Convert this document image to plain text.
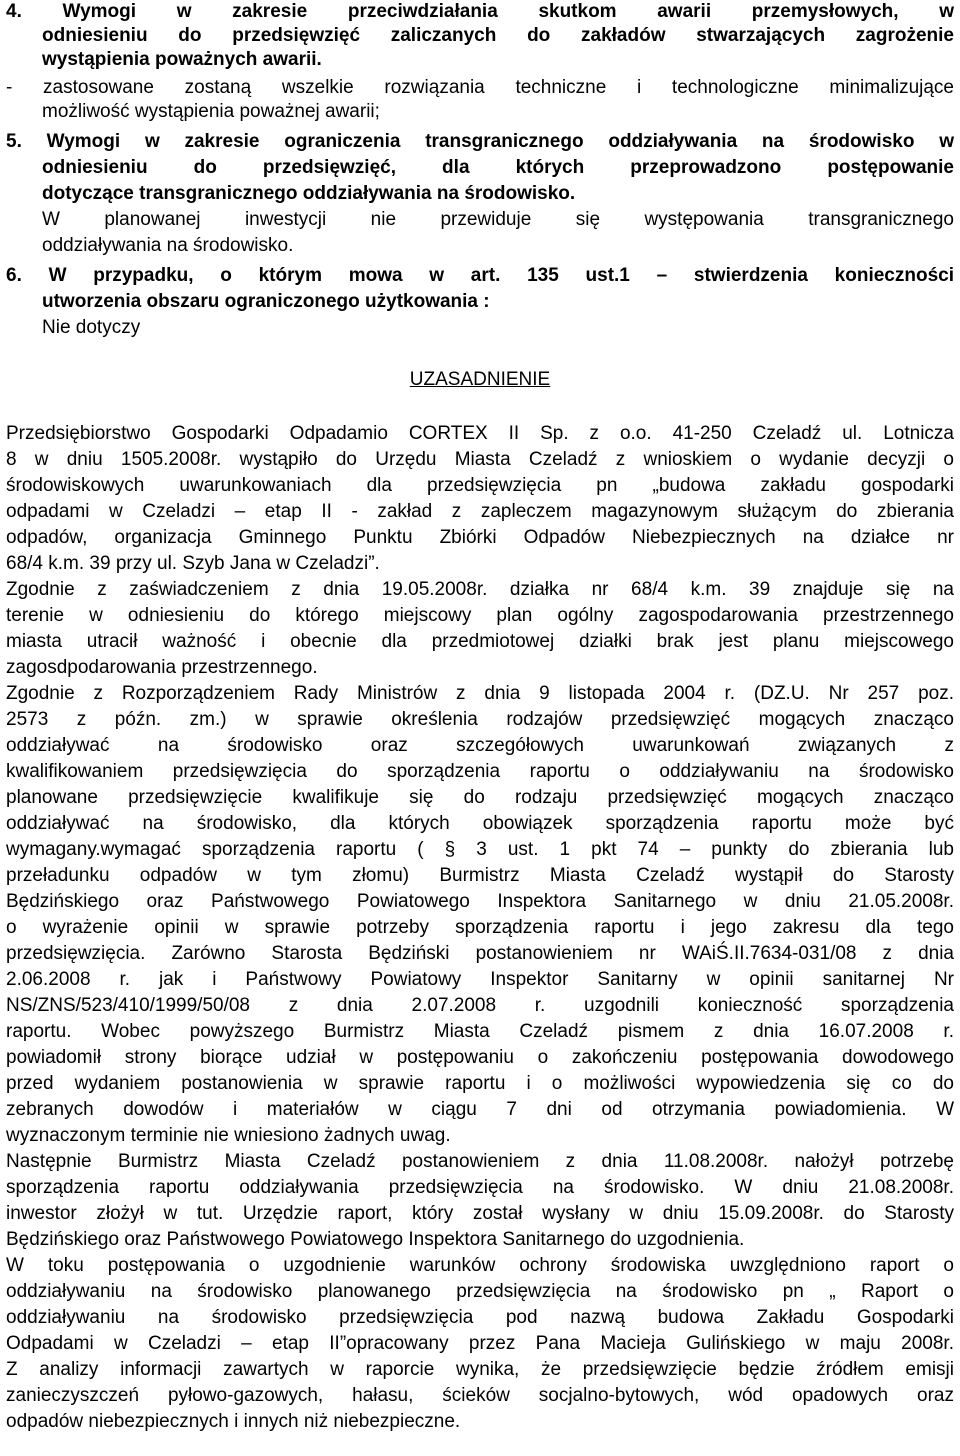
4. Wymogi w zakresie przeciwdziałania skutkom awarii przemysłowych, w
odniesieniu do przedsięwzięć zaliczanych do zakładów stwarzających zagrożenie
wystąpienia poważnych awarii.
- zastosowane zostaną wszelkie rozwiązania techniczne i technologiczne minimalizujące
możliwość wystąpienia poważnej awarii;
5. Wymogi w zakresie ograniczenia transgranicznego oddziaływania na środowisko w
odniesieniu do przedsięwzięć, dla których przeprowadzono postępowanie
dotyczące transgranicznego oddziaływania na środowisko.
W planowanej inwestycji nie przewiduje się występowania transgranicznego
oddziaływania na środowisko.
6. W przypadku, o którym mowa w art. 135 ust.1 – stwierdzenia konieczności
utworzenia obszaru ograniczonego użytkowania :
Nie dotyczy
UZASADNIENIE
Przedsiębiorstwo Gospodarki Odpadamio CORTEX II Sp. z o.o. 41-250 Czeladź ul. Lotnicza
8 w dniu 1505.2008r. wystąpiło do Urzędu Miasta Czeladź z wnioskiem o wydanie decyzji o
środowiskowych uwarunkowaniach dla przedsięwzięcia pn „budowa zakładu gospodarki
odpadami w Czeladzi – etap II - zakład z zapleczem magazynowym służącym do zbierania
odpadów, organizacja Gminnego Punktu Zbiórki Odpadów Niebezpiecznych na działce nr
68/4 k.m. 39 przy ul. Szyb Jana w Czeladzi”.
Zgodnie z zaświadczeniem z dnia 19.05.2008r. działka nr 68/4 k.m. 39 znajduje się na
terenie w odniesieniu do którego miejscowy plan ogólny zagospodarowania przestrzennego
miasta utracił ważność i obecnie dla przedmiotowej działki brak jest planu miejscowego
zagosdpodarowania przestrzennego.
Zgodnie z Rozporządzeniem Rady Ministrów z dnia 9 listopada 2004 r. (DZ.U. Nr 257 poz.
2573 z późn. zm.) w sprawie określenia rodzajów przedsięwzięć mogących znacząco
oddziaływać na środowisko oraz szczegółowych uwarunkowań związanych z
kwalifikowaniem przedsięwzięcia do sporządzenia raportu o oddziaływaniu na środowisko
planowane przedsięwzięcie kwalifikuje się do rodzaju przedsięwzięć mogących znacząco
oddziaływać na środowisko, dla których obowiązek sporządzenia raportu może być
wymagany.wymagać sporządzenia raportu ( § 3 ust. 1 pkt 74 – punkty do zbierania lub
przeładunku odpadów w tym złomu) Burmistrz Miasta Czeladź wystąpił do Starosty
Będzińskiego oraz Państwowego Powiatowego Inspektora Sanitarnego w dniu 21.05.2008r.
o wyrażenie opinii w sprawie potrzeby sporządzenia raportu i jego zakresu dla tego
przedsięwzięcia. Zarówno Starosta Będziński postanowieniem nr WAiŚ.II.7634-031/08 z dnia
2.06.2008 r. jak i Państwowy Powiatowy Inspektor Sanitarny w opinii sanitarnej Nr
NS/ZNS/523/410/1999/50/08 z dnia 2.07.2008 r. uzgodnili konieczność sporządzenia
raportu. Wobec powyższego Burmistrz Miasta Czeladź pismem z dnia 16.07.2008 r.
powiadomił strony biorące udział w postępowaniu o zakończeniu postępowania dowodowego
przed wydaniem postanowienia w sprawie raportu i o możliwości wypowiedzenia się co do
zebranych dowodów i materiałów w ciągu 7 dni od otrzymania powiadomienia. W
wyznaczonym terminie nie wniesiono żadnych uwag.
Następnie Burmistrz Miasta Czeladź postanowieniem z dnia 11.08.2008r. nałożył potrzebę
sporządzenia raportu oddziaływania przedsięwzięcia na środowisko. W dniu 21.08.2008r.
inwestor złożył w tut. Urzędzie raport, który został wysłany w dniu 15.09.2008r. do Starosty
Będzińskiego oraz Państwowego Powiatowego Inspektora Sanitarnego do uzgodnienia.
W toku postępowania o uzgodnienie warunków ochrony środowiska uwzględniono raport o
oddziaływaniu na środowisko planowanego przedsięwzięcia na środowisko pn „ Raport o
oddziaływaniu na środowisko przedsięwzięcia pod nazwą budowa Zakładu Gospodarki
Odpadami w Czeladzi – etap II”opracowany przez Pana Macieja Gulińskiego w maju 2008r.
Z analizy informacji zawartych w raporcie wynika, że przedsięwzięcie będzie źródłem emisji
zanieczyszczeń pyłowo-gazowych, hałasu, ścieków socjalno-bytowych, wód opadowych oraz
odpadów niebezpiecznych i innych niż niebezpieczne.
